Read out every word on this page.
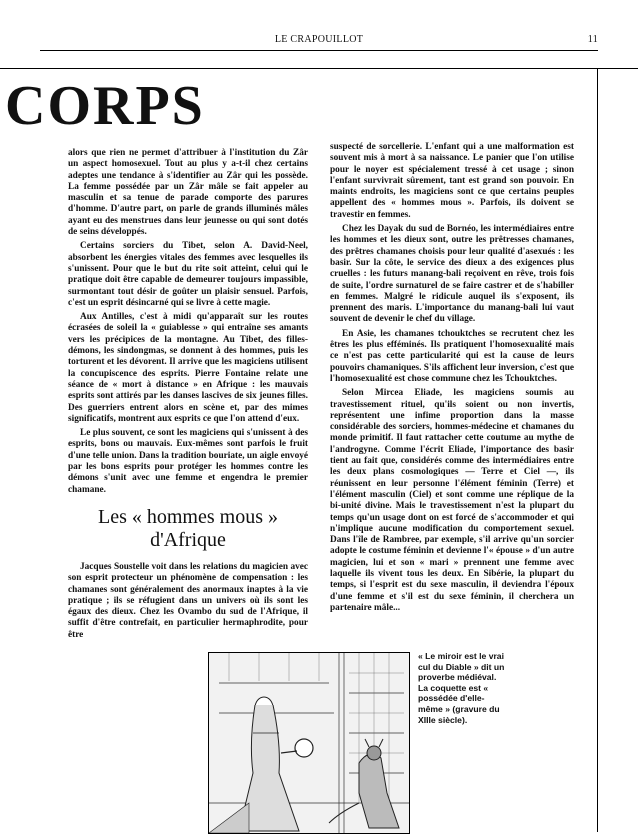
LE CRAPOUILLOT	11
CORPS

alors que rien ne permet d'attribuer à l'institution du Zâr un aspect homosexuel. Tout au plus y a-t-il chez certains adeptes une tendance à s'identifier au Zâr qui les possède. La femme possédée par un Zâr mâle se fait appeler au masculin et sa tenue de parade comporte des parures d'homme. D'autre part, on parle de grands illuminés mâles ayant eu des menstrues dans leur jeunesse ou qui sont dotés de seins développés.

Certains sorciers du Tibet, selon A. David-Neel, absorbent les énergies vitales des femmes avec lesquelles ils s'unissent. Pour que le but du rite soit atteint, celui qui le pratique doit être capable de demeurer toujours impassible, surmontant tout désir de goûter un plaisir sensuel. Parfois, c'est un esprit désincarné qui se livre à cette magie.

Aux Antilles, c'est à midi qu'apparaît sur les routes écrasées de soleil la « guiablesse » qui entraîne ses amants vers les précipices de la montagne. Au Tibet, des filles-démons, les sindongmas, se donnent à des hommes, puis les torturent et les dévorent. Il arrive que les magiciens utilisent la concupiscence des esprits. Pierre Fontaine relate une séance de « mort à distance » en Afrique : les mauvais esprits sont attirés par les danses lascives de six jeunes filles. Des guerriers entrent alors en scène et, par des mimes significatifs, montrent aux esprits ce que l'on attend d'eux.

Le plus souvent, ce sont les magiciens qui s'unissent à des esprits, bons ou mauvais. Eux-mêmes sont parfois le fruit d'une telle union. Dans la tradition bouriate, un aigle envoyé par les bons esprits pour protéger les hommes contre les démons s'unit avec une femme et engendra le premier chamane.

Les « hommes mous »
d'Afrique

Jacques Soustelle voit dans les relations du magicien avec son esprit protecteur un phénomène de compensation : les chamanes sont généralement des anormaux inaptes à la vie pratique ; ils se réfugient dans un univers où ils sont les égaux des dieux. Chez les Ovambo du sud de l'Afrique, il suffit d'être contrefait, en particulier hermaphrodite, pour être

suspecté de sorcellerie. L'enfant qui a une malformation est souvent mis à mort à sa naissance. Le panier que l'on utilise pour le noyer est spécialement tressé à cet usage ; sinon l'enfant survivrait sûrement, tant est grand son pouvoir. En maints endroits, les magiciens sont ce que certains peuples appellent des « hommes mous ». Parfois, ils doivent se travestir en femmes.

Chez les Dayak du sud de Bornéo, les intermédiaires entre les hommes et les dieux sont, outre les prêtresses chamanes, des prêtres chamanes choisis pour leur qualité d'asexués : les basir. Sur la côte, le service des dieux a des exigences plus cruelles : les futurs manang-bali reçoivent en rêve, trois fois de suite, l'ordre surnaturel de se faire castrer et de s'habiller en femmes. Malgré le ridicule auquel ils s'exposent, ils prennent des maris. L'importance du manang-bali lui vaut souvent de devenir le chef du village.

En Asie, les chamanes tchouktches se recrutent chez les êtres les plus efféminés. Ils pratiquent l'homosexualité mais ce n'est pas cette particularité qui est la cause de leurs pouvoirs chamaniques. S'ils affichent leur inversion, c'est que l'homosexualité est chose commune chez les Tchouktches.

Selon Mircea Eliade, les magiciens soumis au travestissement rituel, qu'ils soient ou non invertis, représentent une infime proportion dans la masse considérable des sorciers, hommes-médecine et chamanes du monde primitif. Il faut rattacher cette coutume au mythe de l'androgyne. Comme l'écrit Eliade, l'importance des basir tient au fait que, considérés comme des intermédiaires entre les deux plans cosmologiques — Terre et Ciel —, ils réunissent en leur personne l'élément féminin (Terre) et l'élément masculin (Ciel) et sont comme une réplique de la bi-unité divine. Mais le travestissement n'est la plupart du temps qu'un usage dont on est forcé de s'accommoder et qui n'implique aucune modification du comportement sexuel. Dans l'île de Rambree, par exemple, s'il arrive qu'un sorcier adopte le costume féminin et devienne l'« épouse » d'un autre magicien, lui et son « mari » prennent une femme avec laquelle ils vivent tous les deux. En Sibérie, la plupart du temps, si l'esprit est du sexe masculin, il deviendra l'époux d'une femme et s'il est du sexe féminin, il cherchera un partenaire mâle...

« Le miroir est le vrai cul du Diable » dit un proverbe médiéval. La coquette est « possédée d'elle-même » (gravure du XIIIe siècle).
